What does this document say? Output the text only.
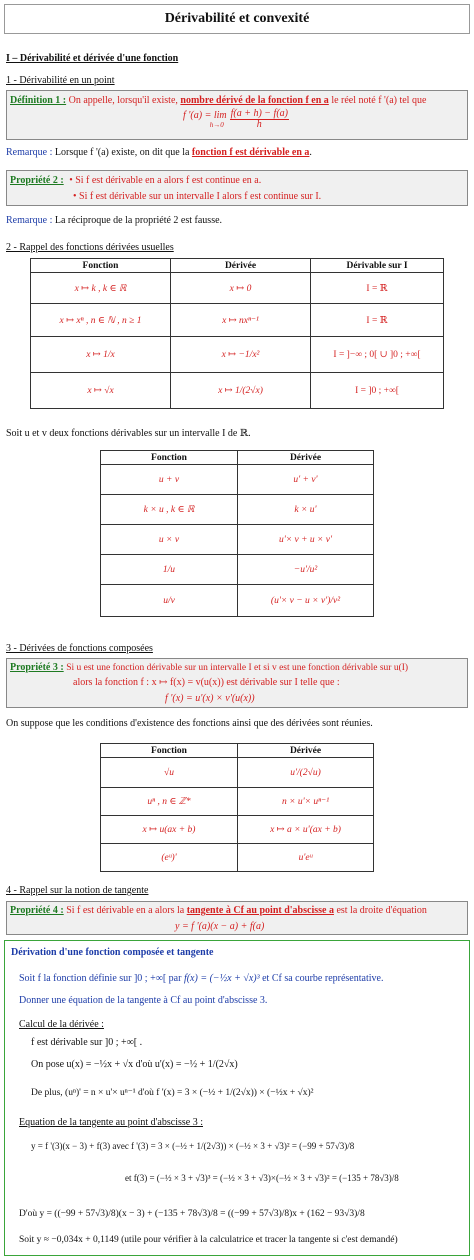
Dérivabilité et convexité
I – Dérivabilité et dérivée d'une fonction
1 - Dérivabilité en un point
Définition 1 : On appelle, lorsqu'il existe, nombre dérivé de la fonction f en a le réel noté f '(a) tel que
f '(a) = lim
$h\to 0 \frac{f(a + h) - f(a)}{h}$
Remarque : Lorsque f '(a) existe, on dit que la fonction f est dérivable en a.
Propriété 2 : • Si f est dérivable en a alors f est continue en a.
• Si f est dérivable sur un intervalle I alors f est continue sur I.
Remarque : La réciproque de la propriété 2 est fausse.
2 - Rappel des fonctions dérivées usuelles
Fonction	Dérivée	Dérivable sur I
x ↦ k , k ∈ ℝ	x ↦ 0	I = ℝ
x ↦ xⁿ , n ∈ ℕ , n ≥ 1	x ↦ nxⁿ⁻¹	I = ℝ
x ↦ 1/x	x ↦ −1/x²	I = ]−∞ ; 0[ ∪ ]0 ; +∞[
x ↦ √x	x ↦ 1/(2√x)	I = ]0 ; +∞[
Soit u et v deux fonctions dérivables sur un intervalle I de ℝ.
Fonction	Dérivée
u + v	u' + v'
k × u , k ∈ ℝ	k × u'
u × v	u'× v + u × v'
1/u	−u'/u²
u/v	(u'× v − u × v')/v²
3 - Dérivées de fonctions composées
Propriété 3 : Si u est une fonction dérivable sur un intervalle I et si v est une fonction dérivable sur u(I)
alors la fonction f : x ↦ f(x) = v(u(x)) est dérivable sur I telle que :
f '(x) = u'(x) × v'(u(x))
On suppose que les conditions d'existence des fonctions ainsi que des dérivées sont réunies.
Fonction	Dérivée
√u	u'/(2√u)
uⁿ , n ∈ ℤ*	n × u'× uⁿ⁻¹
x ↦ u(ax + b)	x ↦ a × u'(ax + b)
(eᵘ)'	u'eᵘ
4 - Rappel sur la notion de tangente
Propriété 4 : Si f est dérivable en a alors la tangente à Cf au point d'abscisse a est la droite d'équation
y = f '(a)(x − a) + f(a)
Dérivation d'une fonction composée et tangente
Soit f la fonction définie sur ]0 ; +∞[ par f(x) = (−½x + √x)³ et Cf sa courbe représentative.
Donner une équation de la tangente à Cf au point d'abscisse 3.
Calcul de la dérivée :
f est dérivable sur ]0 ; +∞[ .
On pose u(x) = −½x + √x d'où u'(x) = −½ + 1/(2√x)
De plus, (uⁿ)' = n × u'× uⁿ⁻¹ d'où f '(x) = 3 × (−½ + 1/(2√x)) × (−½x + √x)²
Equation de la tangente au point d'abscisse 3 :
y = f '(3)(x − 3) + f(3) avec f '(3) = 3 × (−½ + 1/(2√3)) × (−½ × 3 + √3)² = (−99 + 57√3)/8
et f(3) = (−½ × 3 + √3)³ = (−½ × 3 + √3)×(−½ × 3 + √3)² = (−135 + 78√3)/8
D'où y = ((−99 + 57√3)/8)(x − 3) + (−135 + 78√3)/8 = ((−99 + 57√3)/8)x + (162 − 93√3)/8
Soit y ≈ −0,034x + 0,1149 (utile pour vérifier à la calculatrice et tracer la tangente si c'est demandé)
